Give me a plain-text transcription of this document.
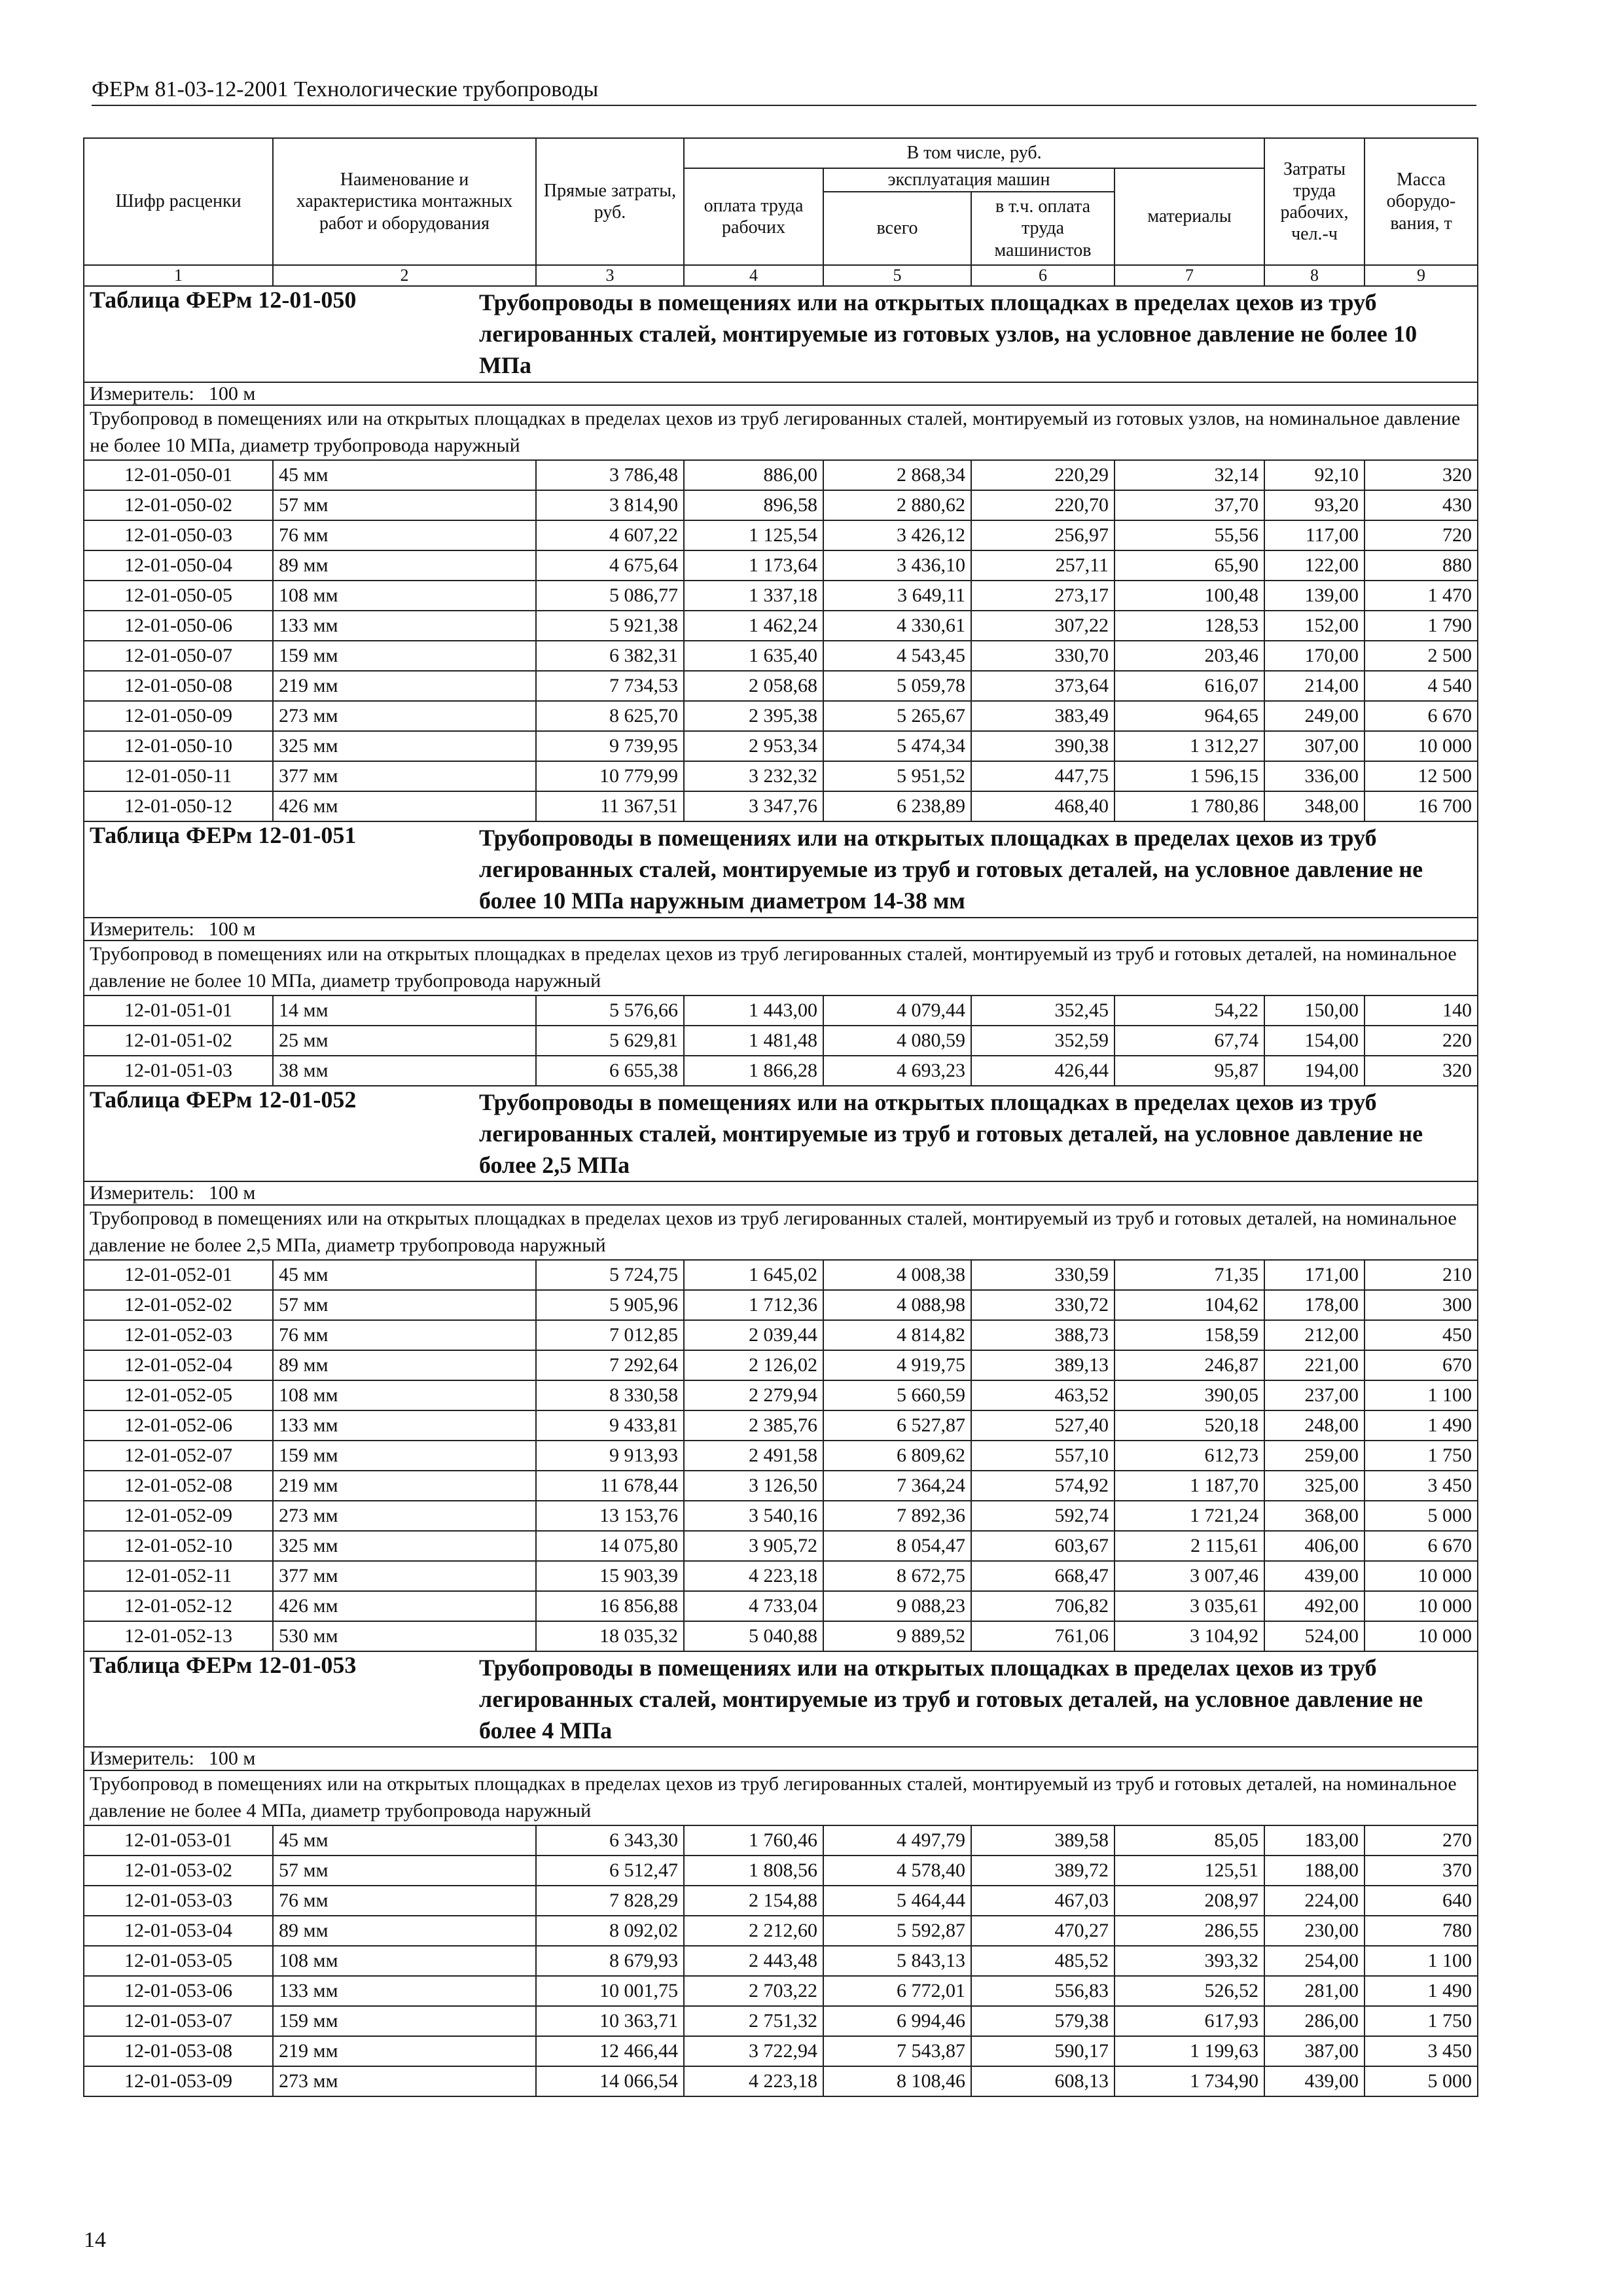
ФЕРм 81-03-12-2001 Технологические трубопроводы
Шифр расценки	Наименование и характеристика монтажных работ и оборудования	Прямые затраты, руб.	В том числе, руб.				Затраты труда рабочих, чел.-ч	Масса оборудо-вания, т
			оплата труда рабочих	эксплуатация машин		материалы		
				всего	в т.ч. оплата труда машинистов			
1	2	3	4	5	6	7	8	9

Таблица ФЕРм 12-01-050 Трубопроводы в помещениях или на открытых площадках в пределах цехов из труб легированных сталей, монтируемые из готовых узлов, на условное давление не более 10 МПа								

Измеритель: 100 м								
Трубопровод в помещениях или на открытых площадках в пределах цехов из труб легированных сталей, монтируемый из готовых узлов, на номинальное давление не более 10 МПа, диаметр трубопровода наружный								
12-01-050-01	45 мм	3 786,48	886,00	2 868,34	220,29	32,14	92,10	320
12-01-050-02	57 мм	3 814,90	896,58	2 880,62	220,70	37,70	93,20	430
12-01-050-03	76 мм	4 607,22	1 125,54	3 426,12	256,97	55,56	117,00	720
12-01-050-04	89 мм	4 675,64	1 173,64	3 436,10	257,11	65,90	122,00	880
12-01-050-05	108 мм	5 086,77	1 337,18	3 649,11	273,17	100,48	139,00	1 470
12-01-050-06	133 мм	5 921,38	1 462,24	4 330,61	307,22	128,53	152,00	1 790
12-01-050-07	159 мм	6 382,31	1 635,40	4 543,45	330,70	203,46	170,00	2 500
12-01-050-08	219 мм	7 734,53	2 058,68	5 059,78	373,64	616,07	214,00	4 540
12-01-050-09	273 мм	8 625,70	2 395,38	5 265,67	383,49	964,65	249,00	6 670
12-01-050-10	325 мм	9 739,95	2 953,34	5 474,34	390,38	1 312,27	307,00	10 000
12-01-050-11	377 мм	10 779,99	3 232,32	5 951,52	447,75	1 596,15	336,00	12 500
12-01-050-12	426 мм	11 367,51	3 347,76	6 238,89	468,40	1 780,86	348,00	16 700

Таблица ФЕРм 12-01-051 Трубопроводы в помещениях или на открытых площадках в пределах цехов из труб легированных сталей, монтируемые из труб и готовых деталей, на условное давление не более 10 МПа наружным диаметром 14-38 мм								

Измеритель: 100 м								
Трубопровод в помещениях или на открытых площадках в пределах цехов из труб легированных сталей, монтируемый из труб и готовых деталей, на номинальное давление не более 10 МПа, диаметр трубопровода наружный								
12-01-051-01	14 мм	5 576,66	1 443,00	4 079,44	352,45	54,22	150,00	140
12-01-051-02	25 мм	5 629,81	1 481,48	4 080,59	352,59	67,74	154,00	220
12-01-051-03	38 мм	6 655,38	1 866,28	4 693,23	426,44	95,87	194,00	320

Таблица ФЕРм 12-01-052 Трубопроводы в помещениях или на открытых площадках в пределах цехов из труб легированных сталей, монтируемые из труб и готовых деталей, на условное давление не более 2,5 МПа								

Измеритель: 100 м								
Трубопровод в помещениях или на открытых площадках в пределах цехов из труб легированных сталей, монтируемый из труб и готовых деталей, на номинальное давление не более 2,5 МПа, диаметр трубопровода наружный								
12-01-052-01	45 мм	5 724,75	1 645,02	4 008,38	330,59	71,35	171,00	210
12-01-052-02	57 мм	5 905,96	1 712,36	4 088,98	330,72	104,62	178,00	300
12-01-052-03	76 мм	7 012,85	2 039,44	4 814,82	388,73	158,59	212,00	450
12-01-052-04	89 мм	7 292,64	2 126,02	4 919,75	389,13	246,87	221,00	670
12-01-052-05	108 мм	8 330,58	2 279,94	5 660,59	463,52	390,05	237,00	1 100
12-01-052-06	133 мм	9 433,81	2 385,76	6 527,87	527,40	520,18	248,00	1 490
12-01-052-07	159 мм	9 913,93	2 491,58	6 809,62	557,10	612,73	259,00	1 750
12-01-052-08	219 мм	11 678,44	3 126,50	7 364,24	574,92	1 187,70	325,00	3 450
12-01-052-09	273 мм	13 153,76	3 540,16	7 892,36	592,74	1 721,24	368,00	5 000
12-01-052-10	325 мм	14 075,80	3 905,72	8 054,47	603,67	2 115,61	406,00	6 670
12-01-052-11	377 мм	15 903,39	4 223,18	8 672,75	668,47	3 007,46	439,00	10 000
12-01-052-12	426 мм	16 856,88	4 733,04	9 088,23	706,82	3 035,61	492,00	10 000
12-01-052-13	530 мм	18 035,32	5 040,88	9 889,52	761,06	3 104,92	524,00	10 000

Таблица ФЕРм 12-01-053 Трубопроводы в помещениях или на открытых площадках в пределах цехов из труб легированных сталей, монтируемые из труб и готовых деталей, на условное давление не более 4 МПа								

Измеритель: 100 м								
Трубопровод в помещениях или на открытых площадках в пределах цехов из труб легированных сталей, монтируемый из труб и готовых деталей, на номинальное давление не более 4 МПа, диаметр трубопровода наружный								
12-01-053-01	45 мм	6 343,30	1 760,46	4 497,79	389,58	85,05	183,00	270
12-01-053-02	57 мм	6 512,47	1 808,56	4 578,40	389,72	125,51	188,00	370
12-01-053-03	76 мм	7 828,29	2 154,88	5 464,44	467,03	208,97	224,00	640
12-01-053-04	89 мм	8 092,02	2 212,60	5 592,87	470,27	286,55	230,00	780
12-01-053-05	108 мм	8 679,93	2 443,48	5 843,13	485,52	393,32	254,00	1 100
12-01-053-06	133 мм	10 001,75	2 703,22	6 772,01	556,83	526,52	281,00	1 490
12-01-053-07	159 мм	10 363,71	2 751,32	6 994,46	579,38	617,93	286,00	1 750
12-01-053-08	219 мм	12 466,44	3 722,94	7 543,87	590,17	1 199,63	387,00	3 450
12-01-053-09	273 мм	14 066,54	4 223,18	8 108,46	608,13	1 734,90	439,00	5 000
14
